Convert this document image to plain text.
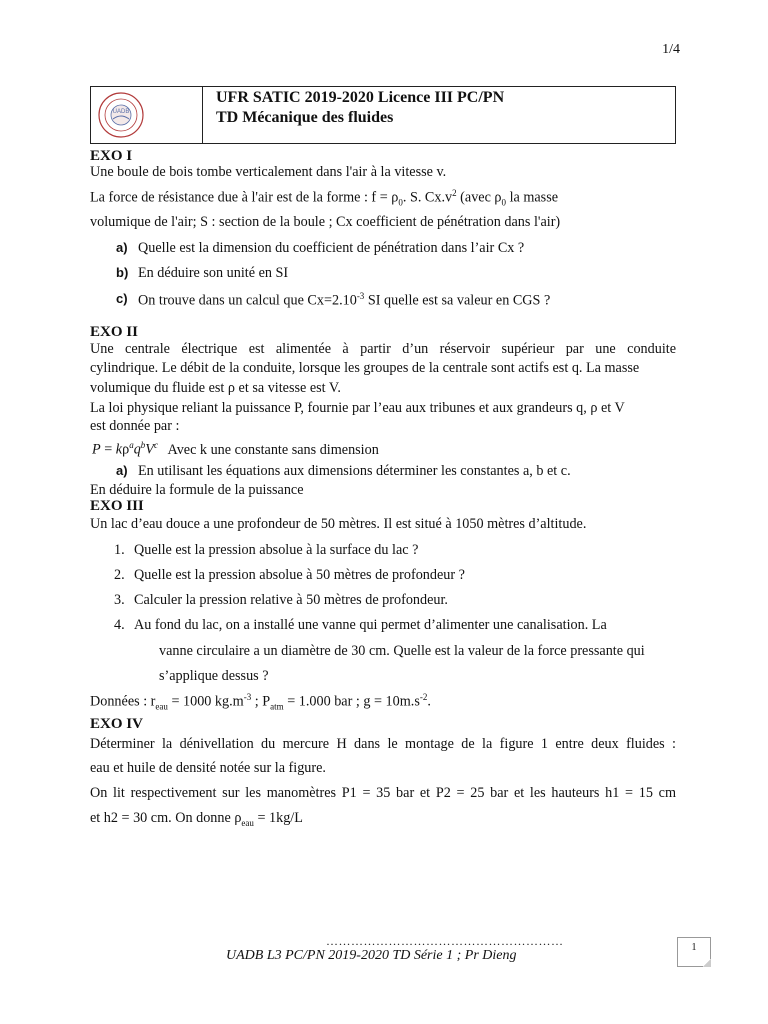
1/4
UADB
UFR SATIC 2019-2020 Licence III PC/PN
TD Mécanique des fluides
EXO I
Une boule de bois tombe verticalement dans l'air à la vitesse v.
La force de résistance due à l'air est de la forme : $f = \rho_0$. S. $Cx.v^2$ (avec $\rho_0$ la masse
volumique de l'air; S : section de la boule ; Cx coefficient de pénétration dans l'air)
a) Quelle est la dimension du coefficient de pénétration dans l’air Cx ?
b) En déduire son unité en SI
c) On trouve dans un calcul que $Cx=2.10^{-3}$ SI quelle est sa valeur en CGS ?
EXO II
Une centrale électrique est alimentée à partir d’un réservoir supérieur par une conduite
cylindrique. Le débit de la conduite, lorsque les groupes de la centrale sont actifs est q. La masse
volumique du fluide est ρ et sa vitesse est V.
La loi physique reliant la puissance P, fournie par l’eau aux tribunes et aux grandeurs q, ρ et V
est donnée par :
$P = k\rho^aq^bV^c$ Avec k une constante sans dimension
a) En utilisant les équations aux dimensions déterminer les constantes a, b et c.
En déduire la formule de la puissance
EXO III
Un lac d’eau douce a une profondeur de 50 mètres. Il est situé à 1050 mètres d’altitude.
1. Quelle est la pression absolue à la surface du lac ?
2. Quelle est la pression absolue à 50 mètres de profondeur ?
3. Calculer la pression relative à 50 mètres de profondeur.
4. Au fond du lac, on a installé une vanne qui permet d’alimenter une canalisation. La
vanne circulaire a un diamètre de 30 cm. Quelle est la valeur de la force pressante qui
s’applique dessus ?
Données : $r_{eau} = 1000$ $kg.m^{-3}$ ; $P_{atm} = 1.000$ bar ; $g = 10m.s^{-2}$.
EXO IV
Déterminer la dénivellation du mercure H dans le montage de la figure 1 entre deux fluides :
eau et huile de densité notée sur la figure.
On lit respectivement sur les manomètres P1 = 35 bar et P2 = 25 bar et les hauteurs h1 = 15 cm
et h2 = 30 cm. On donne $\rho_{eau} = 1kg/L$
…………………………………………………
UADB L3 PC/PN 2019-2020 TD Série 1 ; Pr Dieng
1
